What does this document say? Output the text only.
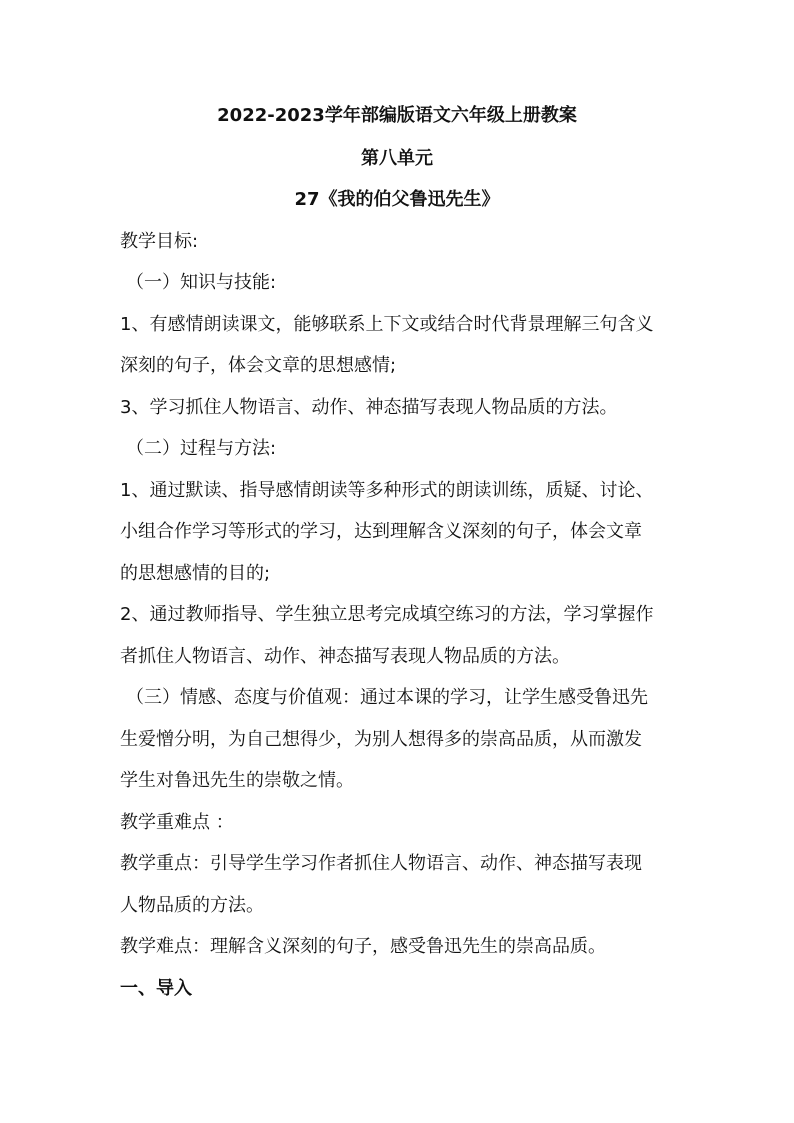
2022-2023学年部编版语文六年级上册教案
第八单元
27《我的伯父鲁迅先生》
教学目标:
（一）知识与技能:
1、有感情朗读课文，能够联系上下文或结合时代背景理解三句含义
深刻的句子，体会文章的思想感情;
3、学习抓住人物语言、动作、神态描写表现人物品质的方法。
（二）过程与方法:
1、通过默读、指导感情朗读等多种形式的朗读训练，质疑、讨论、
小组合作学习等形式的学习，达到理解含义深刻的句子，体会文章
的思想感情的目的;
2、通过教师指导、学生独立思考完成填空练习的方法，学习掌握作
者抓住人物语言、动作、神态描写表现人物品质的方法。
（三）情感、态度与价值观：通过本课的学习，让学生感受鲁迅先
生爱憎分明，为自己想得少，为别人想得多的崇高品质，从而激发
学生对鲁迅先生的崇敬之情。
教学重难点 ：
教学重点：引导学生学习作者抓住人物语言、动作、神态描写表现
人物品质的方法。
教学难点：理解含义深刻的句子，感受鲁迅先生的崇高品质。
一、导入
